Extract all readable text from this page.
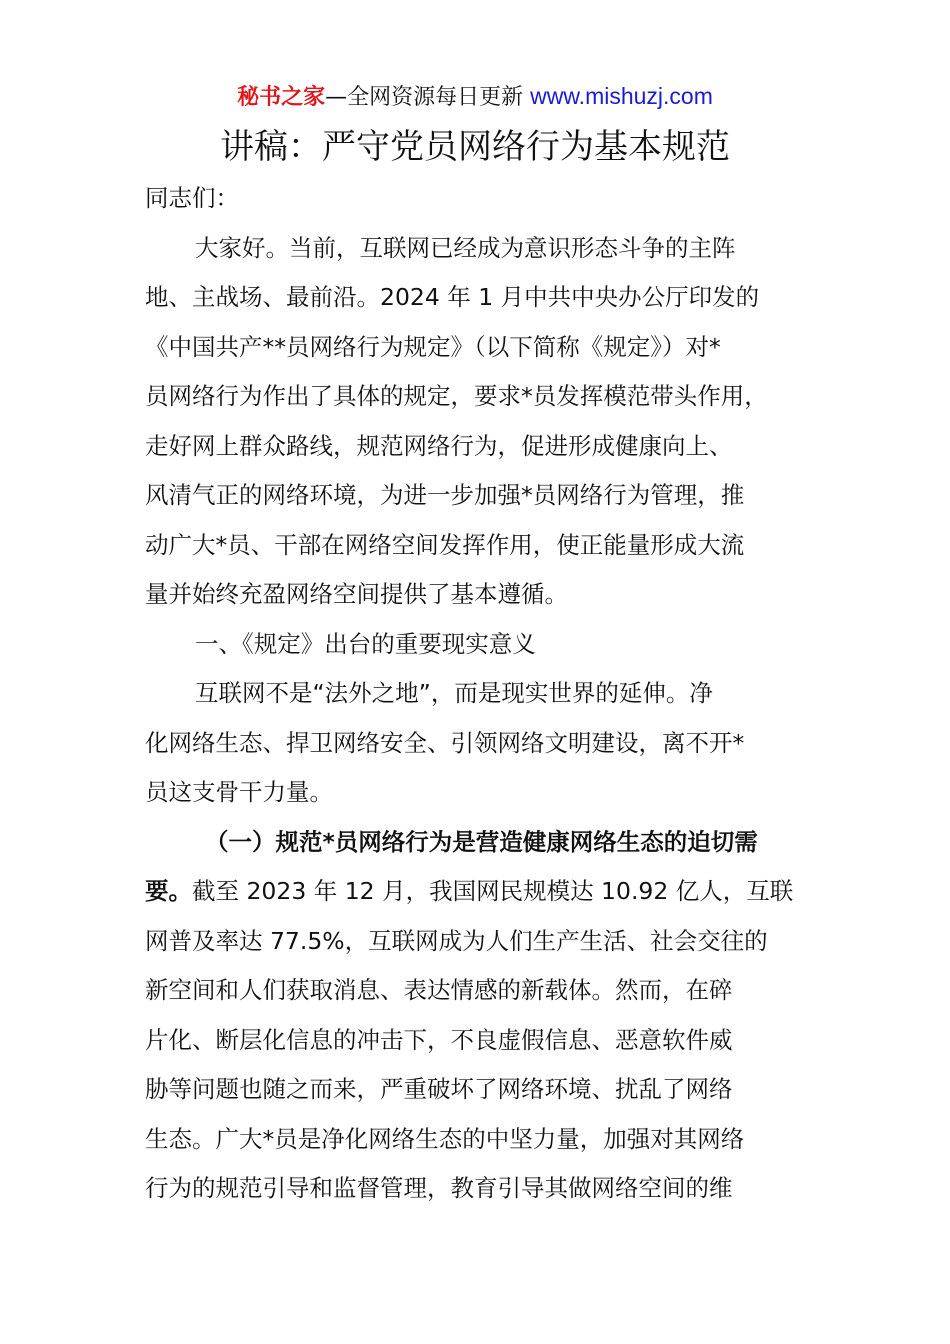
秘书之家—全网资源每日更新 www.mishuzj.com
讲稿：严守党员网络行为基本规范

同志们：

大家好。当前，互联网已经成为意识形态斗争的主阵

地、主战场、最前沿。2024 年 1 月中共中央办公厅印发的

《中国共产**员网络行为规定》（以下简称《规定》）对*

员网络行为作出了具体的规定，要求*员发挥模范带头作用，

走好网上群众路线，规范网络行为，促进形成健康向上、

风清气正的网络环境，为进一步加强*员网络行为管理，推

动广大*员、干部在网络空间发挥作用，使正能量形成大流

量并始终充盈网络空间提供了基本遵循。

一、《规定》出台的重要现实意义

互联网不是“法外之地”，而是现实世界的延伸。净

化网络生态、捍卫网络安全、引领网络文明建设，离不开*

员这支骨干力量。

（一）规范*员网络行为是营造健康网络生态的迫切需

要。截至 2023 年 12 月，我国网民规模达 10.92 亿人，互联

网普及率达 77.5%，互联网成为人们生产生活、社会交往的

新空间和人们获取消息、表达情感的新载体。然而，在碎

片化、断层化信息的冲击下，不良虚假信息、恶意软件威

胁等问题也随之而来，严重破坏了网络环境、扰乱了网络

生态。广大*员是净化网络生态的中坚力量，加强对其网络

行为的规范引导和监督管理，教育引导其做网络空间的维
